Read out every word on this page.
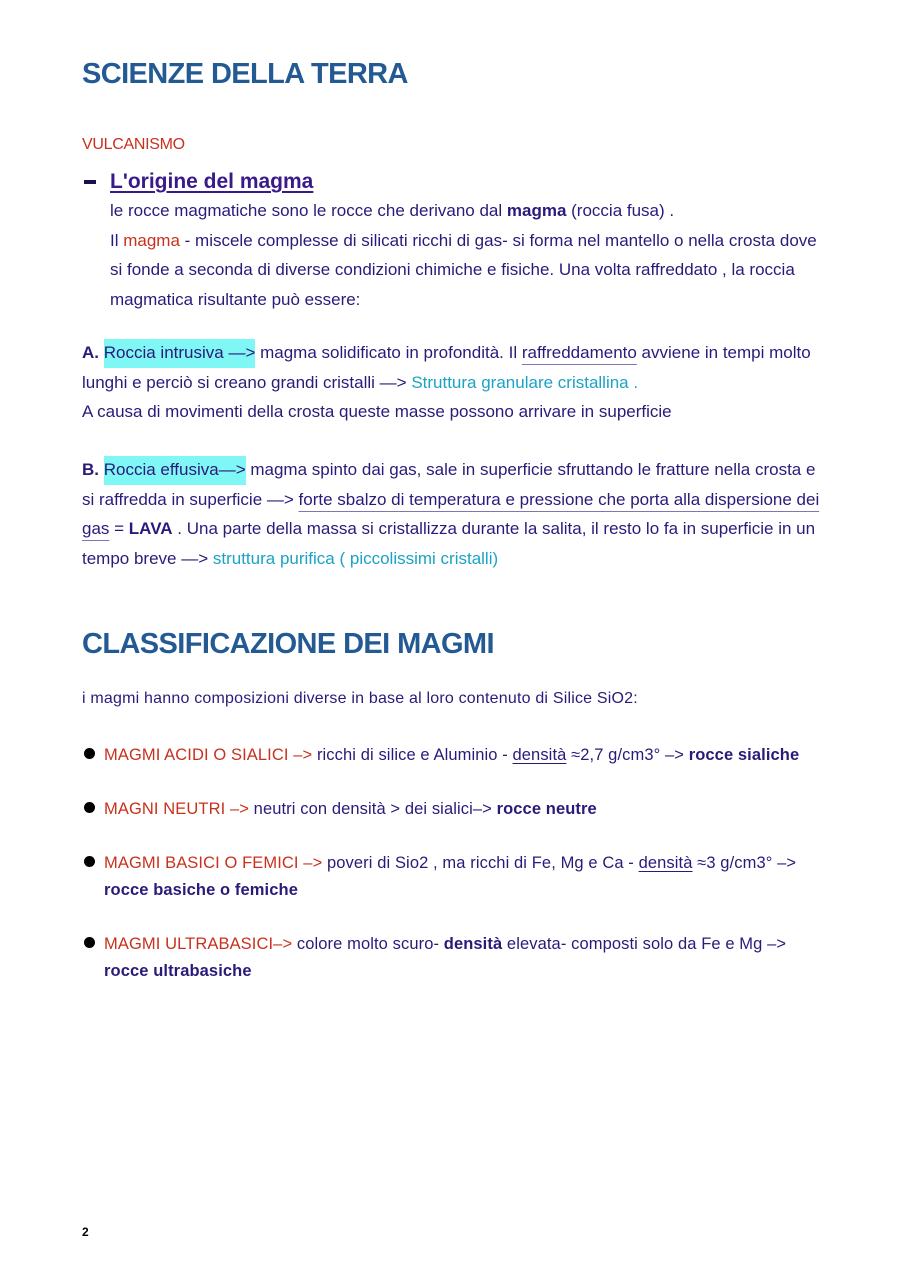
SCIENZE DELLA TERRA
VULCANISMO
L'origine del magma
le rocce magmatiche sono le rocce che derivano dal magma (roccia fusa) .
Il magma - miscele complesse di silicati ricchi di gas- si forma nel mantello o nella crosta dove si fonde a seconda di diverse condizioni chimiche e fisiche. Una volta raffreddato , la roccia magmatica risultante può essere:
A. Roccia intrusiva —> magma solidificato in profondità. Il raffreddamento avviene in tempi molto lunghi e perciò si creano grandi cristalli —> Struttura granulare cristallina .
A causa di movimenti della crosta queste masse possono arrivare in superficie
B. Roccia effusiva—> magma spinto dai gas, sale in superficie sfruttando le fratture nella crosta e si raffredda in superficie —> forte sbalzo di temperatura e pressione che porta alla dispersione dei gas = LAVA . Una parte della massa si cristallizza durante la salita, il resto lo fa in superficie in un tempo breve —> struttura purifica ( piccolissimi cristalli)
CLASSIFICAZIONE DEI MAGMI
i magmi hanno composizioni diverse in base al loro contenuto di Silice SiO2:
MAGMI ACIDI O SIALICI –> ricchi di silice e Aluminio - densità ≈2,7 g/cm3° –> rocce sialiche
MAGNI NEUTRI –> neutri con densità > dei sialici–> rocce neutre
MAGMI BASICI O FEMICI –> poveri di Sio2 , ma ricchi di Fe, Mg e Ca - densità ≈3 g/cm3° –> rocce basiche o femiche
MAGMI ULTRABASICI–> colore molto scuro- densità elevata- composti solo da Fe e Mg –> rocce ultrabasiche
2
